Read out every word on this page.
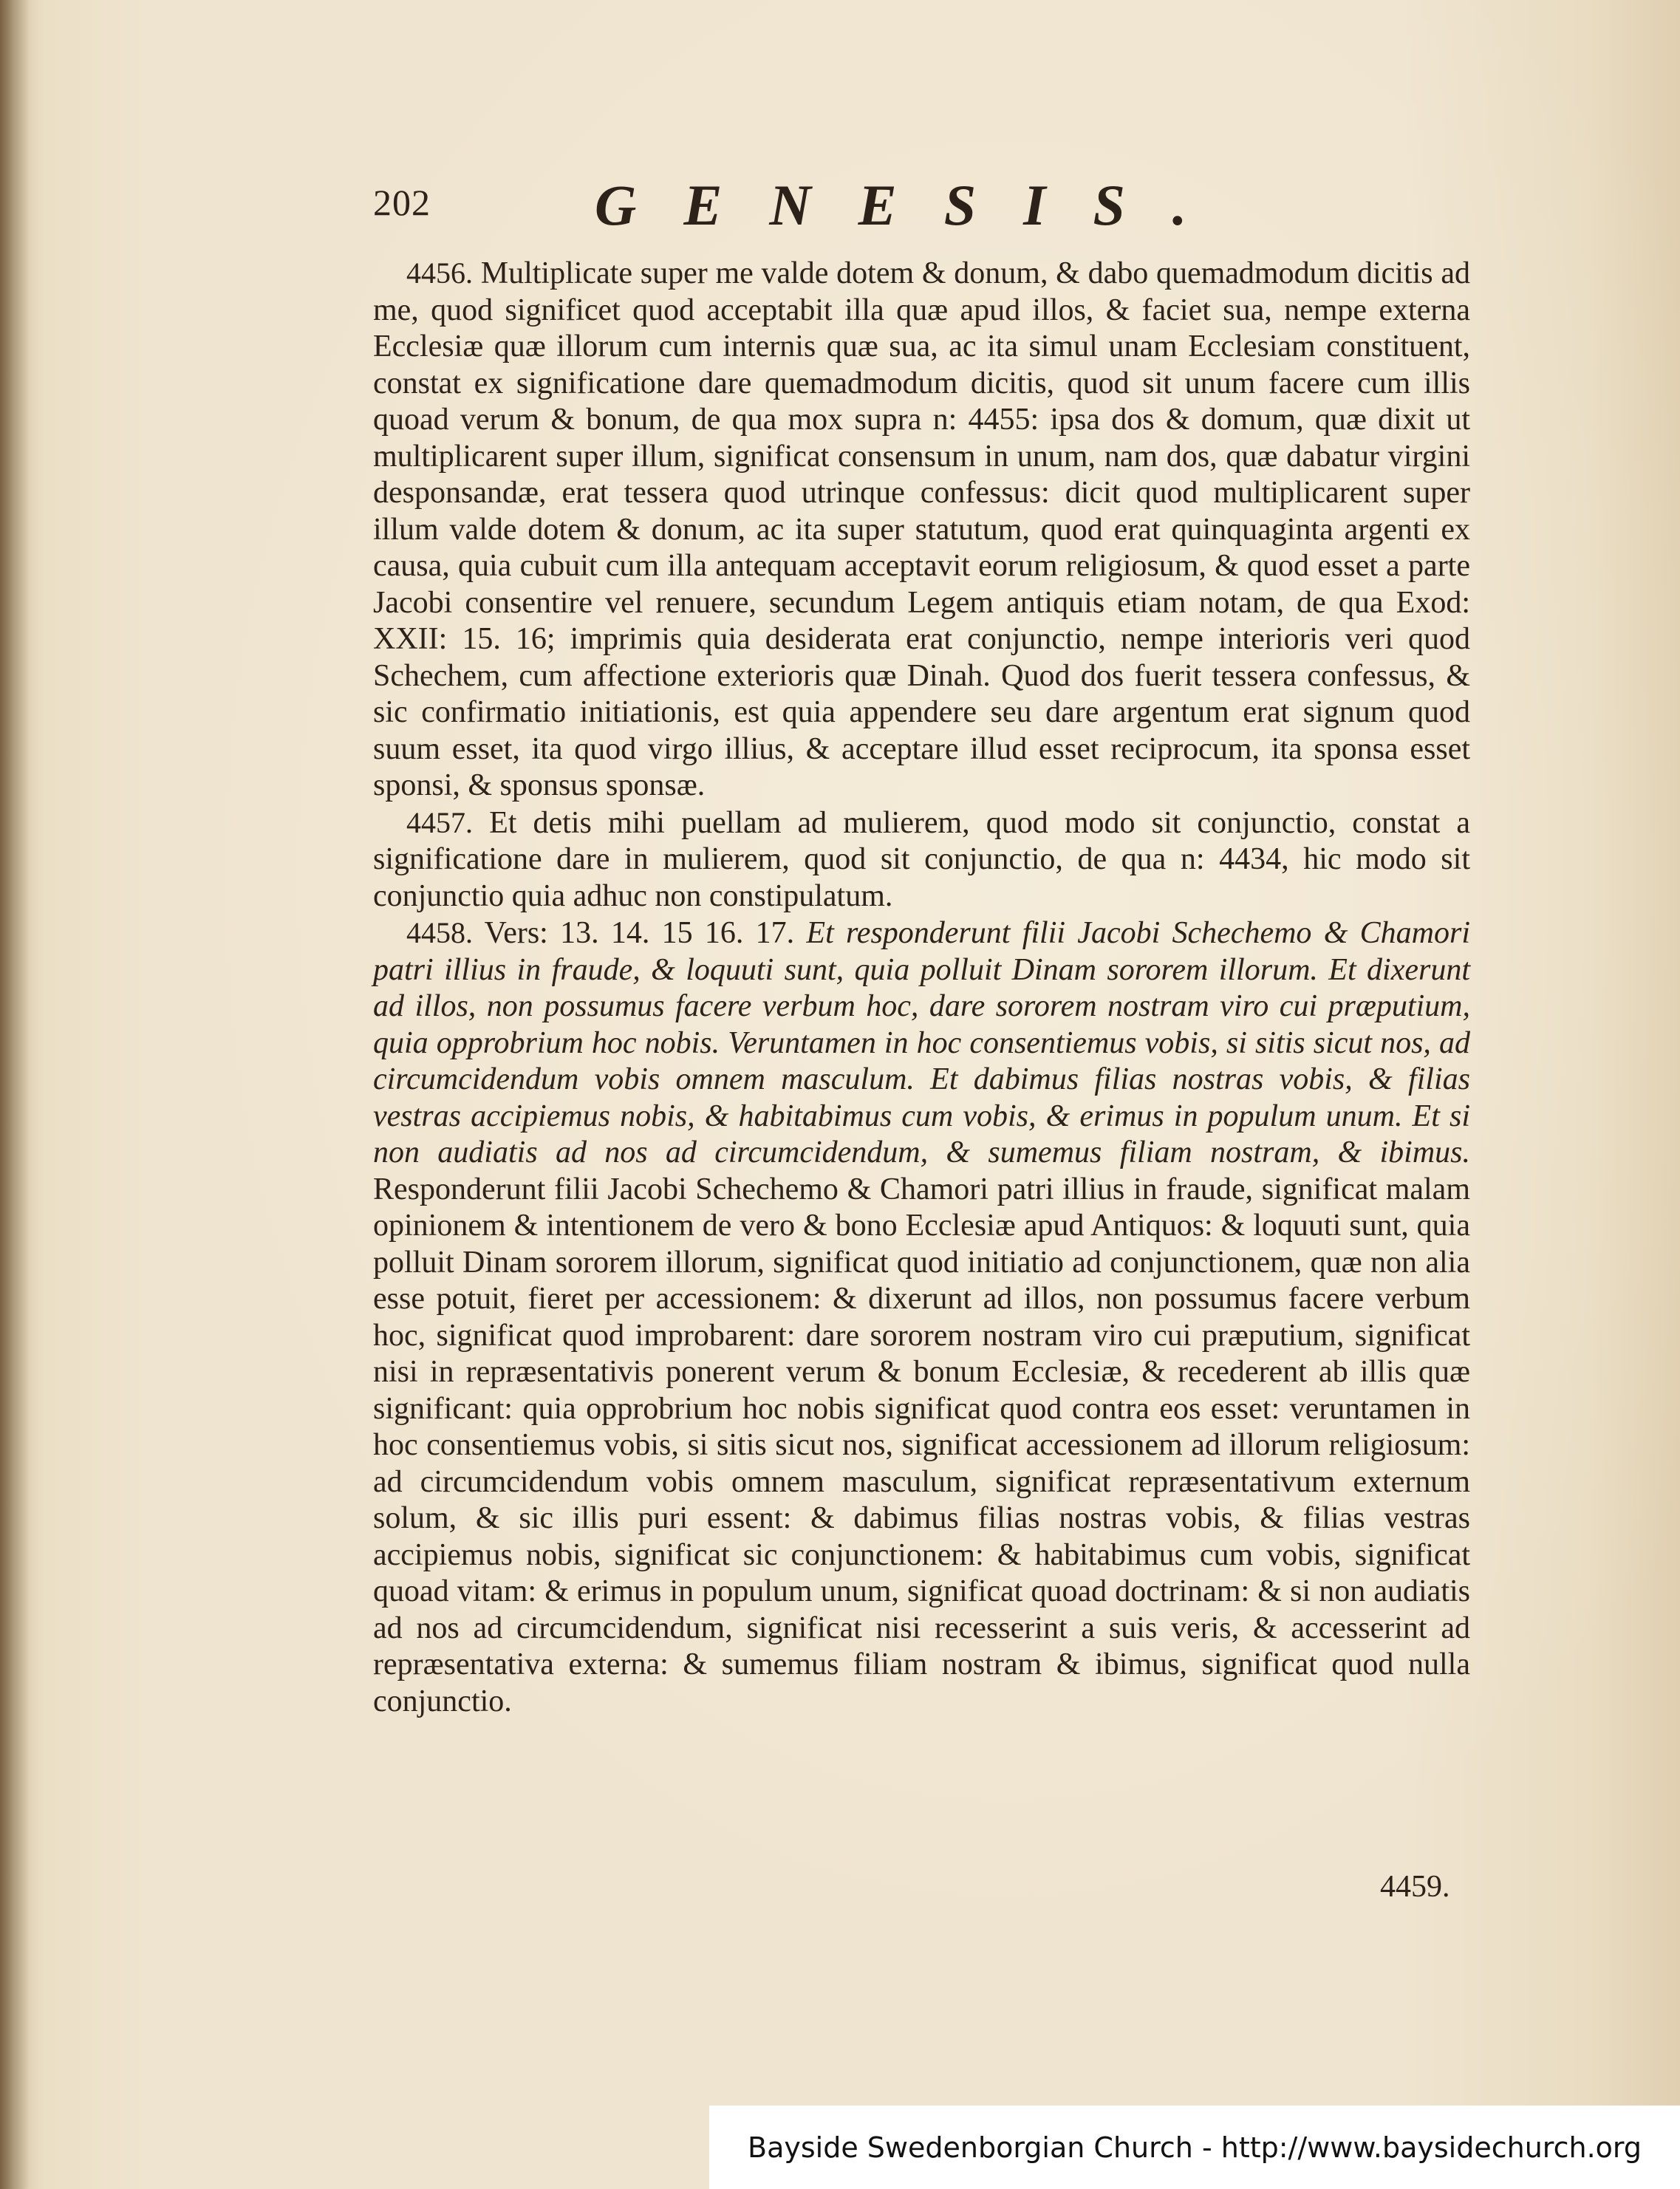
202	GENESIS.

4456. Multiplicate super me valde dotem & donum, & dabo quemadmodum dicitis ad me, quod significet quod acceptabit illa quæ apud illos, & faciet sua, nempe externa Ecclesiæ quæ illorum cum internis quæ sua, ac ita simul unam Ecclesiam constituent, constat ex significatione dare quemadmodum dicitis, quod sit unum facere cum illis quoad verum & bonum, de qua mox supra n: 4455: ipsa dos & domum, quæ dixit ut multiplicarent super illum, significat consensum in unum, nam dos, quæ dabatur virgini desponsandæ, erat tessera quod utrinque confessus: dicit quod multiplicarent super illum valde dotem & donum, ac ita super statutum, quod erat quinquaginta argenti ex causa, quia cubuit cum illa antequam acceptavit eorum religiosum, & quod esset a parte Jacobi consentire vel renuere, secundum Legem antiquis etiam notam, de qua Exod: XXII: 15. 16; imprimis quia desiderata erat conjunctio, nempe interioris veri quod Schechem, cum affectione exterioris quæ Dinah. Quod dos fuerit tessera confessus, & sic confirmatio initiationis, est quia appendere seu dare argentum erat signum quod suum esset, ita quod virgo illius, & acceptare illud esset reciprocum, ita sponsa esset sponsi, & sponsus sponsæ.

4457. Et detis mihi puellam ad mulierem, quod modo sit conjunctio, constat a significatione dare in mulierem, quod sit conjunctio, de qua n: 4434, hic modo sit conjunctio quia adhuc non constipulatum.

4458. Vers: 13. 14. 15 16. 17. Et responderunt filii Jacobi Schechemo & Chamori patri illius in fraude, & loquuti sunt, quia polluit Dinam sororem illorum. Et dixerunt ad illos, non possumus facere verbum hoc, dare sororem nostram viro cui præputium, quia opprobrium hoc nobis. Veruntamen in hoc consentiemus vobis, si sitis sicut nos, ad circumcidendum vobis omnem masculum. Et dabimus filias nostras vobis, & filias vestras accipiemus nobis, & habitabimus cum vobis, & erimus in populum unum. Et si non audiatis ad nos ad circumcidendum, & sumemus filiam nostram, & ibimus. Responderunt filii Jacobi Schechemo & Chamori patri illius in fraude, significat malam opinionem & intentionem de vero & bono Ecclesiæ apud Antiquos: & loquuti sunt, quia polluit Dinam sororem illorum, significat quod initiatio ad conjunctionem, quæ non alia esse potuit, fieret per accessionem: & dixerunt ad illos, non possumus facere verbum hoc, significat quod improbarent: dare sororem nostram viro cui præputium, significat nisi in repræsentativis ponerent verum & bonum Ecclesiæ, & recederent ab illis quæ significant: quia opprobrium hoc nobis significat quod contra eos esset: veruntamen in hoc consentiemus vobis, si sitis sicut nos, significat accessionem ad illorum religiosum: ad circumcidendum vobis omnem masculum, significat repræsentativum externum solum, & sic illis puri essent: & dabimus filias nostras vobis, & filias vestras accipiemus nobis, significat sic conjunctionem: & habitabimus cum vobis, significat quoad vitam: & erimus in populum unum, significat quoad doctrinam: & si non audiatis ad nos ad circumcidendum, significat nisi recesserint a suis veris, & accesserint ad repræsentativa externa: & sumemus filiam nostram & ibimus, significat quod nulla conjunctio.

4459.
Bayside Swedenborgian Church - http://www.baysidechurch.org
